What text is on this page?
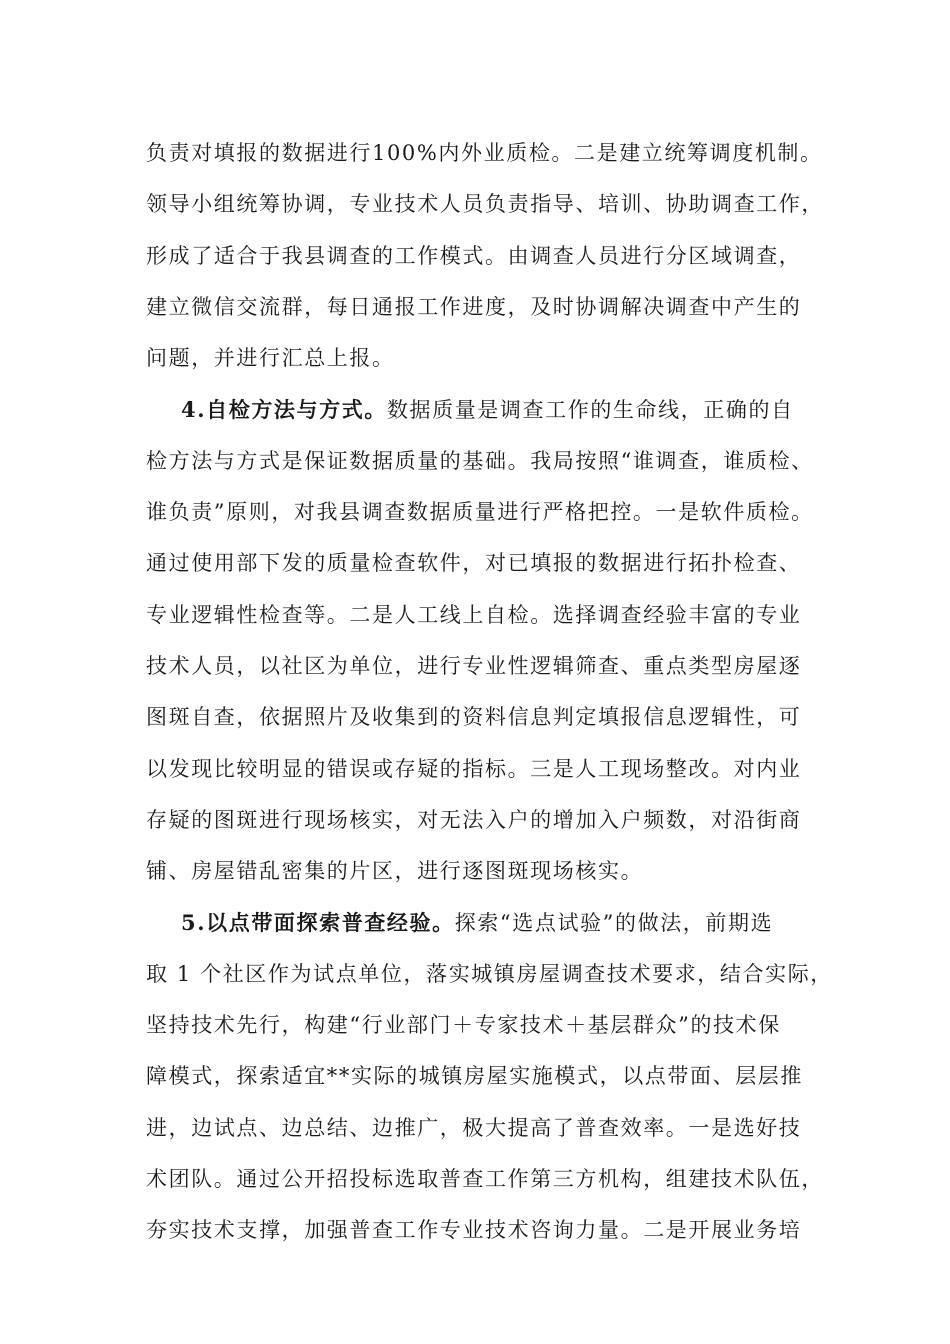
负责对填报的数据进行100%内外业质检。二是建立统筹调度机制。
领导小组统筹协调，专业技术人员负责指导、培训、协助调查工作，
形成了适合于我县调查的工作模式。由调查人员进行分区域调查，
建立微信交流群，每日通报工作进度，及时协调解决调查中产生的
问题，并进行汇总上报。
4.自检方法与方式。数据质量是调查工作的生命线，正确的自
检方法与方式是保证数据质量的基础。我局按照“谁调查，谁质检、
谁负责”原则，对我县调查数据质量进行严格把控。一是软件质检。
通过使用部下发的质量检查软件，对已填报的数据进行拓扑检查、
专业逻辑性检查等。二是人工线上自检。选择调查经验丰富的专业
技术人员，以社区为单位，进行专业性逻辑筛查、重点类型房屋逐
图斑自查，依据照片及收集到的资料信息判定填报信息逻辑性，可
以发现比较明显的错误或存疑的指标。三是人工现场整改。对内业
存疑的图斑进行现场核实，对无法入户的增加入户频数，对沿街商
铺、房屋错乱密集的片区，进行逐图斑现场核实。
5.以点带面探索普查经验。探索“选点试验”的做法，前期选
取 1 个社区作为试点单位，落实城镇房屋调查技术要求，结合实际，
坚持技术先行，构建“行业部门＋专家技术＋基层群众”的技术保
障模式，探索适宜**实际的城镇房屋实施模式，以点带面、层层推
进，边试点、边总结、边推广，极大提高了普查效率。一是选好技
术团队。通过公开招投标选取普查工作第三方机构，组建技术队伍，
夯实技术支撑，加强普查工作专业技术咨询力量。二是开展业务培
